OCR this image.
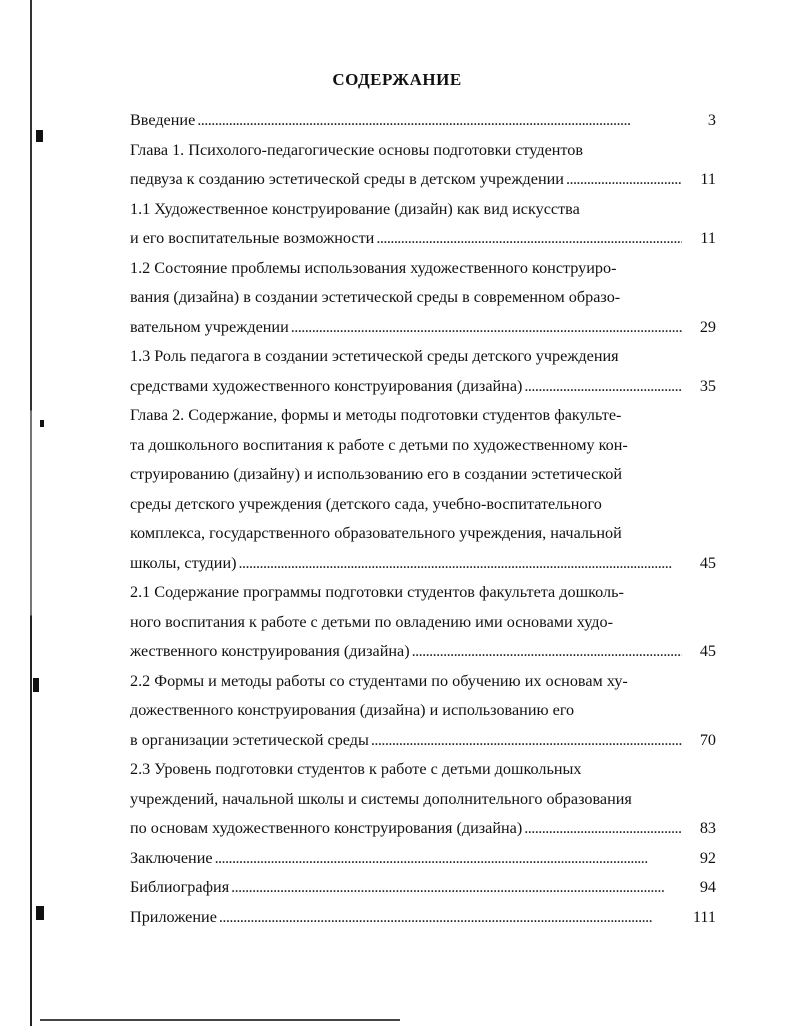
СОДЕРЖАНИЕ
Введение . . .	3
Глава 1. Психолого-педагогические основы подготовки студентов
педвуза к созданию эстетической среды в детском учреждении . . .	11
1.1 Художественное конструирование (дизайн) как вид искусства
и его воспитательные возможности . . .	11
1.2 Состояние проблемы использования художественного конструиро-
вания (дизайна) в создании эстетической среды в современном образо-
вательном учреждении . . .	29
1.3 Роль педагога в создании эстетической среды детского учреждения
средствами художественного конструирования (дизайна) . . .	35
Глава 2. Содержание, формы и методы подготовки студентов факульте-
та дошкольного воспитания к работе с детьми по художественному кон-
струированию (дизайну) и использованию его в создании эстетической
среды детского учреждения (детского сада, учебно-воспитательного
комплекса, государственного образовательного учреждения, начальной
школы, студии) . . .	45
2.1 Содержание программы подготовки студентов факультета дошколь-
ного воспитания к работе с детьми по овладению ими основами худо-
жественного конструирования (дизайна) . . .	45
2.2 Формы и методы работы со студентами по обучению их основам ху-
дожественного конструирования (дизайна) и использованию его
в организации эстетической среды . . .	70
2.3 Уровень подготовки студентов к работе с детьми дошкольных
учреждений, начальной школы и системы дополнительного образования
по основам художественного конструирования (дизайна) . . .	83
Заключение . . .	92
Библиография . . .	94
Приложение . . .	111
